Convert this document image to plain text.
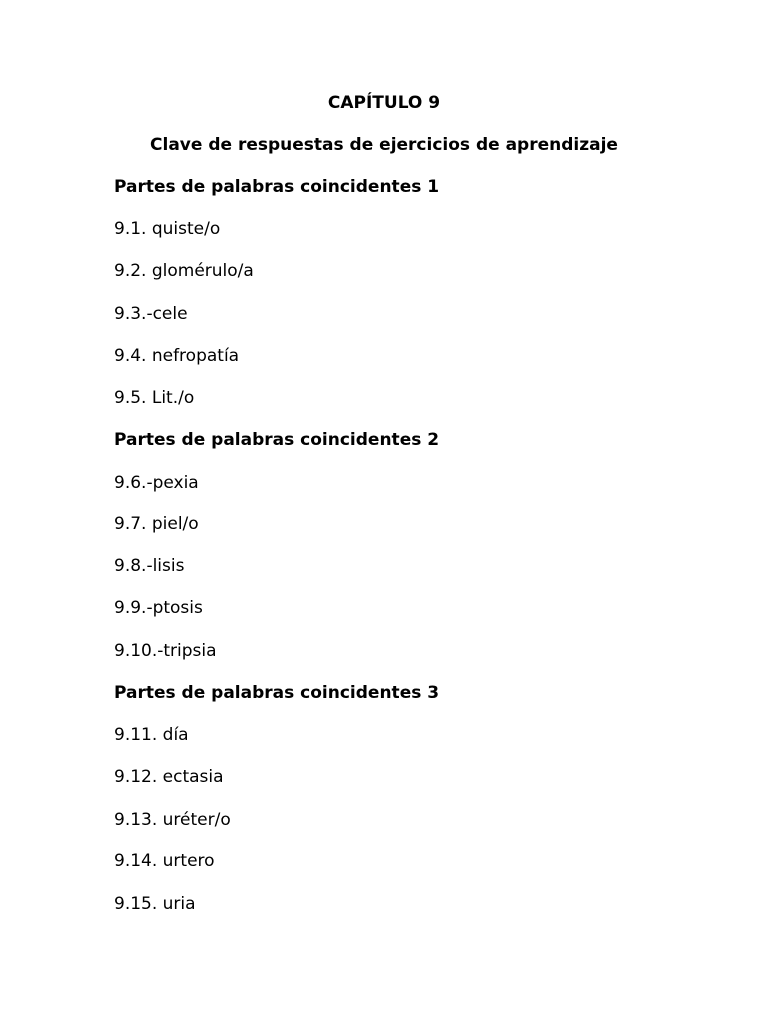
CAPÍTULO 9
Clave de respuestas de ejercicios de aprendizaje
Partes de palabras coincidentes 1
9.1. quiste/o
9.2. glomérulo/a
9.3.-cele
9.4. nefropatía
9.5. Lit./o
Partes de palabras coincidentes 2
9.6.-pexia
9.7. piel/o
9.8.-lisis
9.9.-ptosis
9.10.-tripsia
Partes de palabras coincidentes 3
9.11. día
9.12. ectasia
9.13. uréter/o
9.14. urtero
9.15. uria
